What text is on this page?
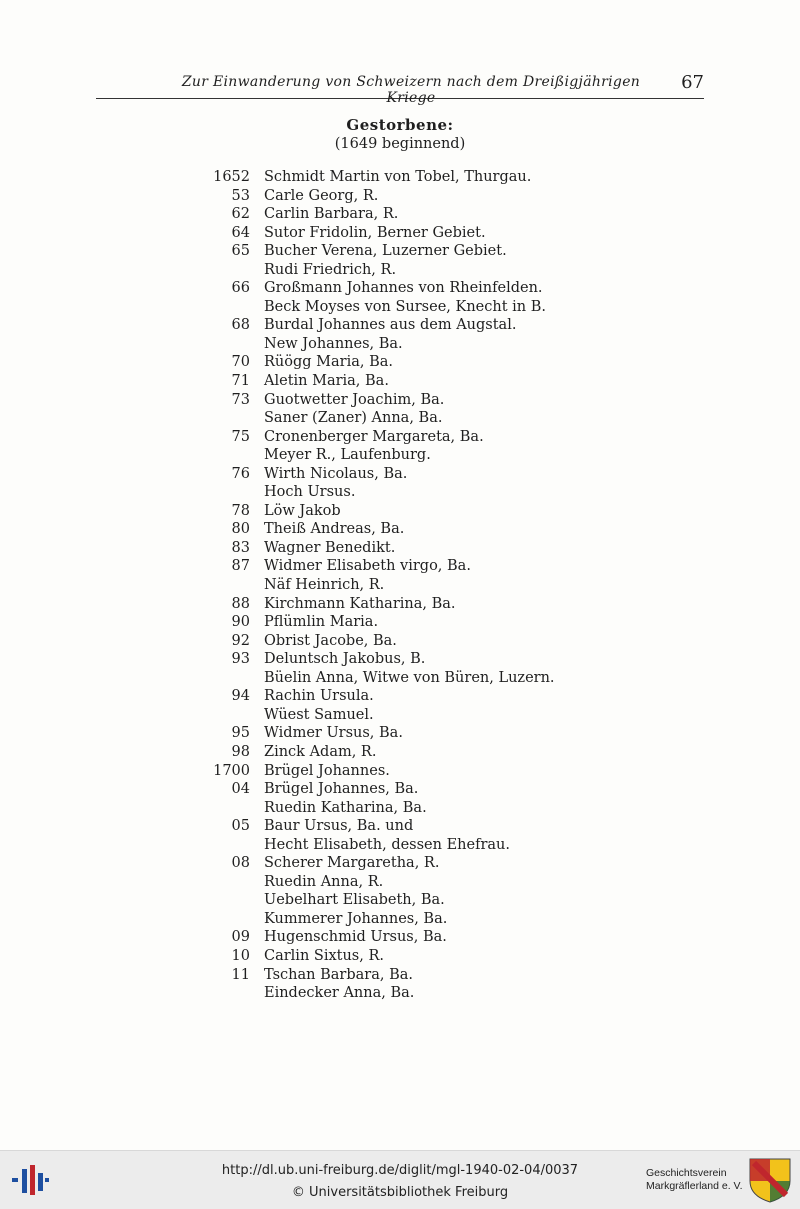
Zur Einwanderung von Schweizern nach dem Dreißigjährigen Kriege
67
Gestorbene:
(1649 beginnend)
1652 Schmidt Martin von Tobel, Thurgau.
53 Carle Georg, R.
62 Carlin Barbara, R.
64 Sutor Fridolin, Berner Gebiet.
65 Bucher Verena, Luzerner Gebiet.
Rudi Friedrich, R.
66 Großmann Johannes von Rheinfelden.
Beck Moyses von Sursee, Knecht in B.
68 Burdal Johannes aus dem Augstal.
New Johannes, Ba.
70 Rüögg Maria, Ba.
71 Aletin Maria, Ba.
73 Guotwetter Joachim, Ba.
Saner (Zaner) Anna, Ba.
75 Cronenberger Margareta, Ba.
Meyer R., Laufenburg.
76 Wirth Nicolaus, Ba.
Hoch Ursus.
78 Löw Jakob
80 Theiß Andreas, Ba.
83 Wagner Benedikt.
87 Widmer Elisabeth virgo, Ba.
Näf Heinrich, R.
88 Kirchmann Katharina, Ba.
90 Pflümlin Maria.
92 Obrist Jacobe, Ba.
93 Deluntsch Jakobus, B.
Büelin Anna, Witwe von Büren, Luzern.
94 Rachin Ursula.
Wüest Samuel.
95 Widmer Ursus, Ba.
98 Zinck Adam, R.
1700 Brügel Johannes.
04 Brügel Johannes, Ba.
Ruedin Katharina, Ba.
05 Baur Ursus, Ba. und
Hecht Elisabeth, dessen Ehefrau.
08 Scherer Margaretha, R.
Ruedin Anna, R.
Uebelhart Elisabeth, Ba.
Kummerer Johannes, Ba.
09 Hugenschmid Ursus, Ba.
10 Carlin Sixtus, R.
11 Tschan Barbara, Ba.
Eindecker Anna, Ba.
http://dl.ub.uni-freiburg.de/diglit/mgl-1940-02-04/0037
© Universitätsbibliothek Freiburg
Geschichtsverein
Markgräflerland e. V.
